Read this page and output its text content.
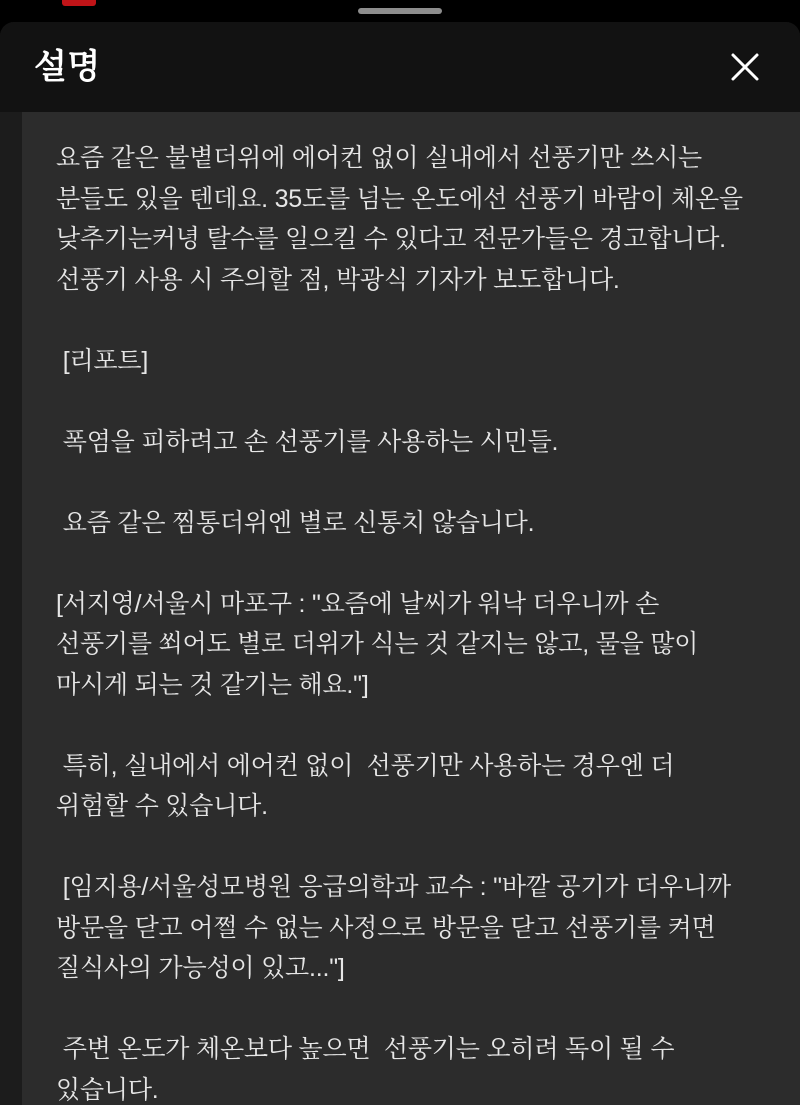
설명
요즘 같은 불볕더위에 에어컨 없이 실내에서 선풍기만 쓰시는 분들도 있을 텐데요. 35도를 넘는 온도에선 선풍기 바람이 체온을 낮추기는커녕 탈수를 일으킬 수 있다고 전문가들은 경고합니다. 선풍기 사용 시 주의할 점, 박광식 기자가 보도합니다.

[리포트]

폭염을 피하려고 손 선풍기를 사용하는 시민들.

요즘 같은 찜통더위엔 별로 신통치 않습니다.

[서지영/서울시 마포구 : "요즘에 날씨가 워낙 더우니까 손 선풍기를 쐬어도 별로 더위가 식는 것 같지는 않고, 물을 많이 마시게 되는 것 같기는 해요."]

특히, 실내에서 에어컨 없이  선풍기만 사용하는 경우엔 더 위험할 수 있습니다.

[임지용/서울성모병원 응급의학과 교수 : "바깥 공기가 더우니까 방문을 닫고 어쩔 수 없는 사정으로 방문을 닫고 선풍기를 켜면 질식사의 가능성이 있고..."]

주변 온도가 체온보다 높으면  선풍기는 오히려 독이 될 수 있습니다.
